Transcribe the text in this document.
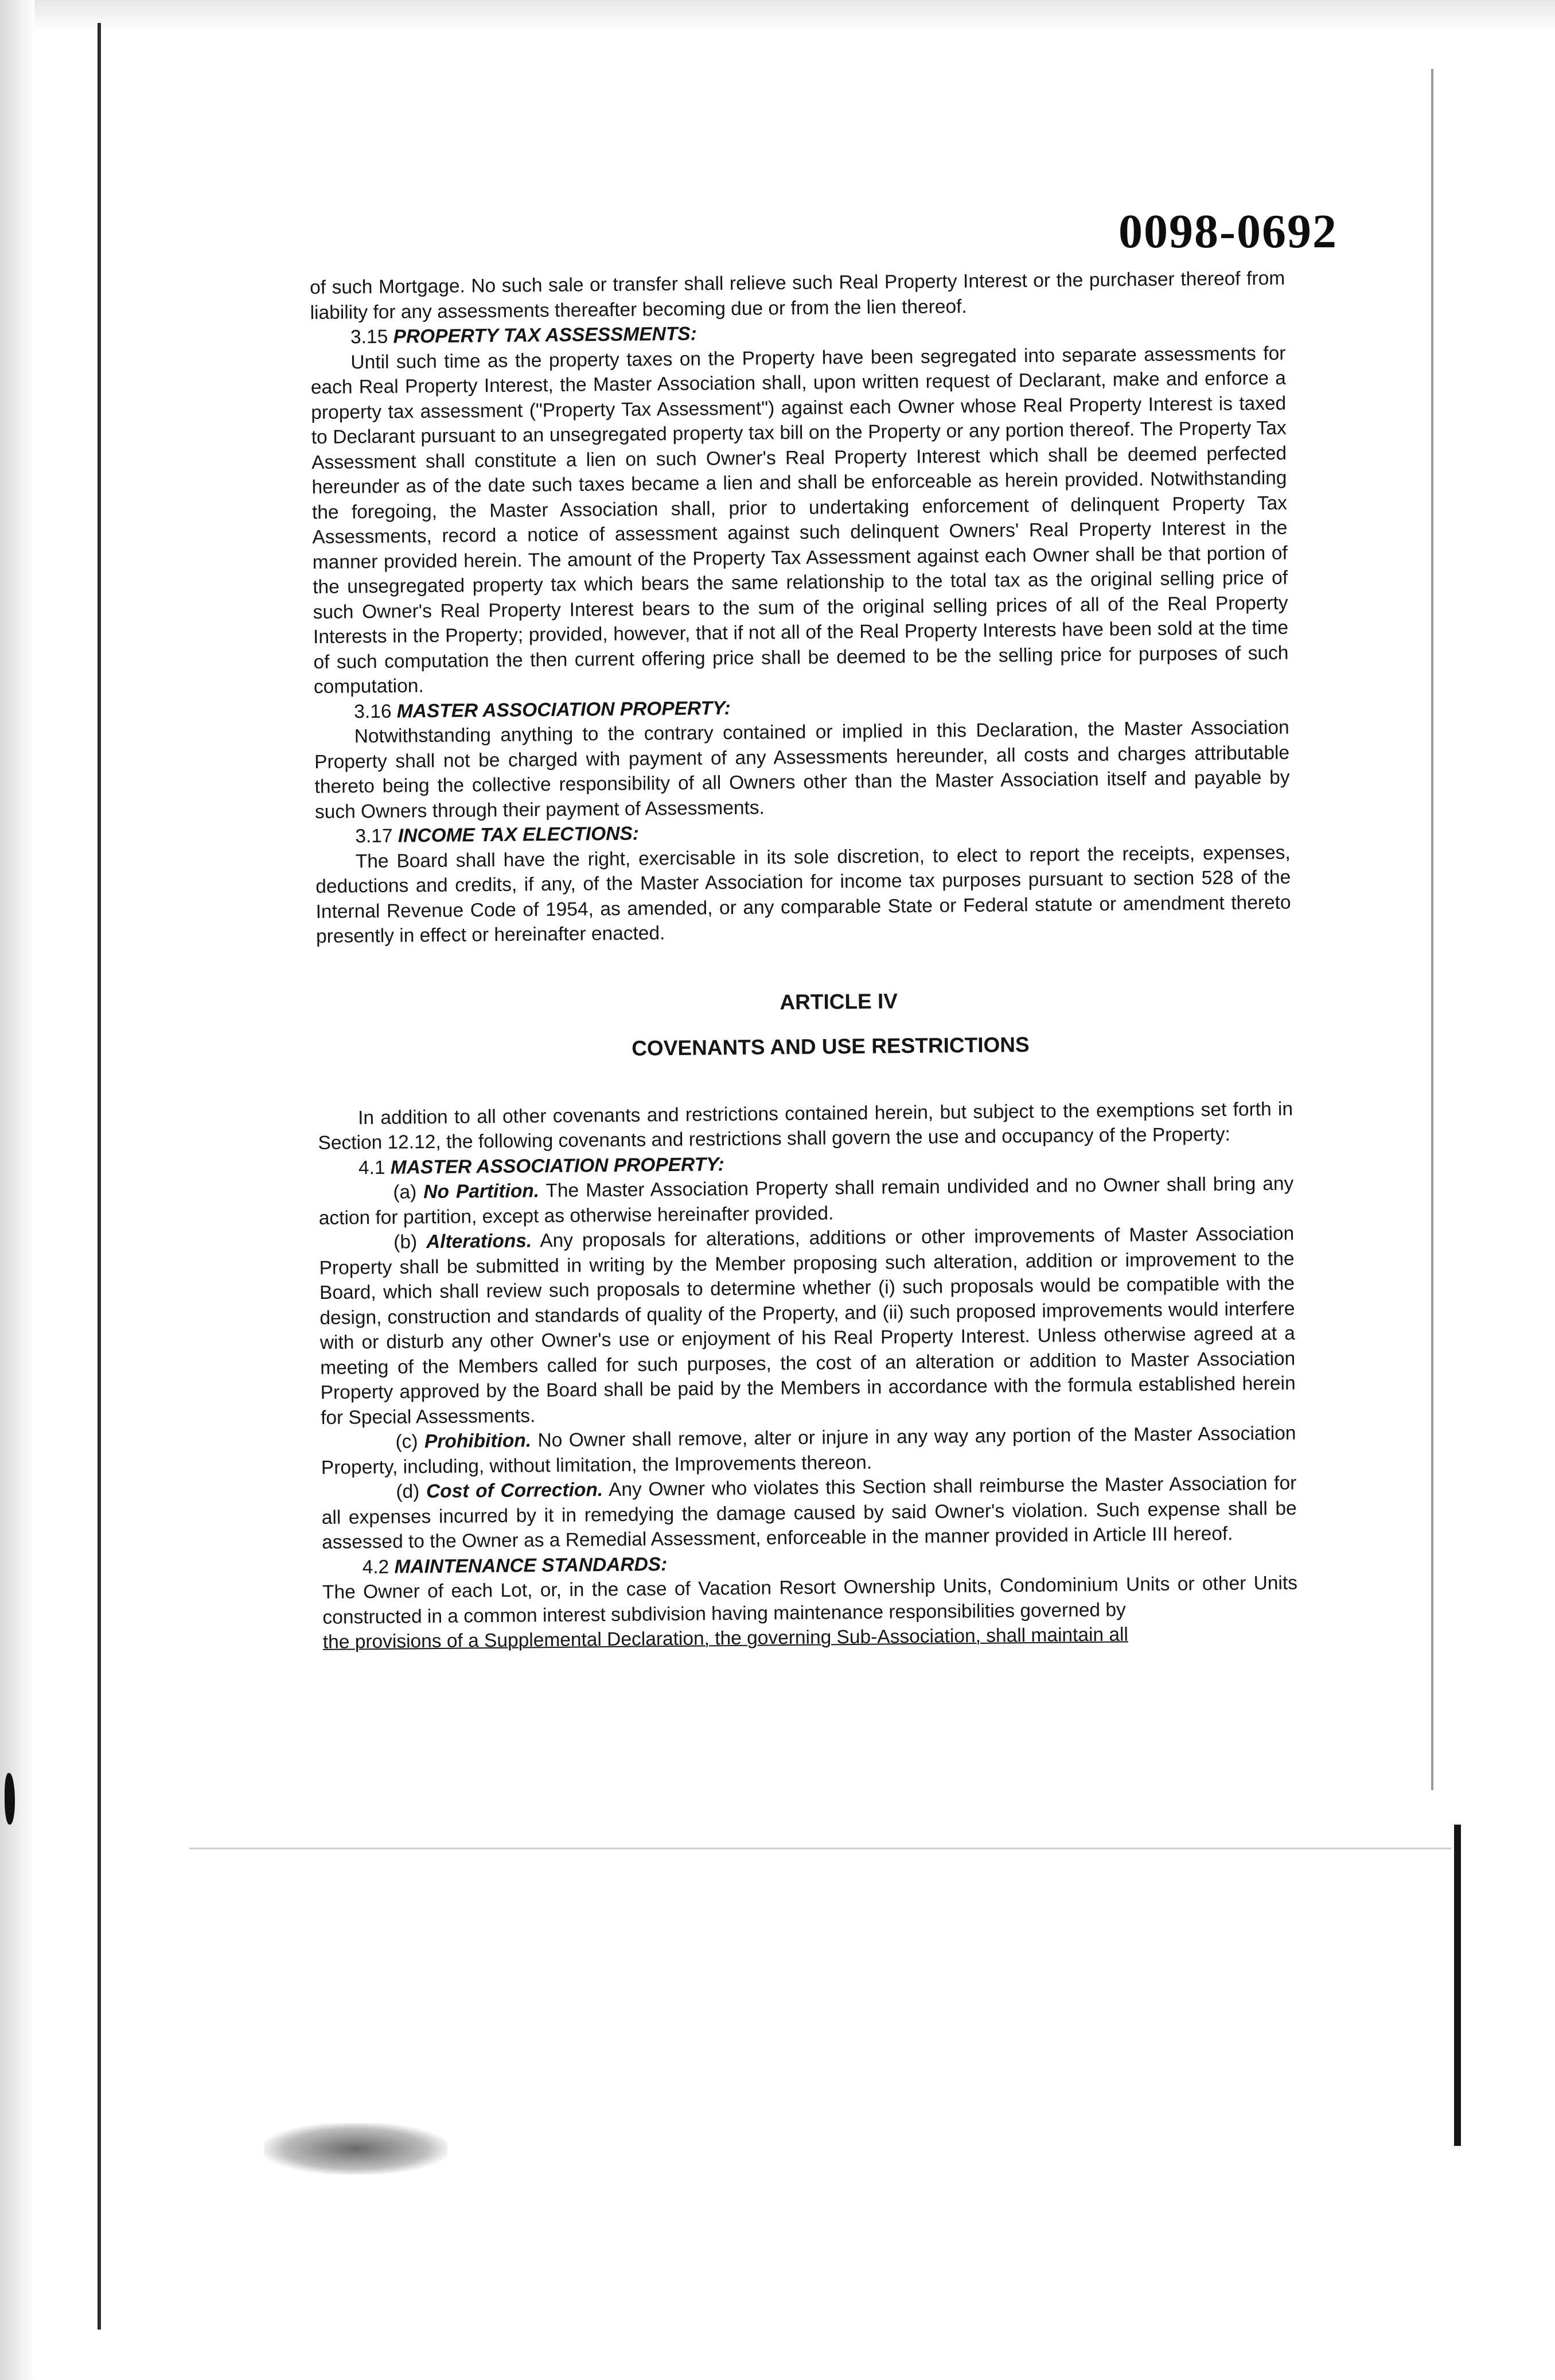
0098-0692

of such Mortgage. No such sale or transfer shall relieve such Real Property Interest or the purchaser thereof from liability for any assessments thereafter becoming due or from the lien thereof.

3.15 PROPERTY TAX ASSESSMENTS:

Until such time as the property taxes on the Property have been segregated into separate assessments for each Real Property Interest, the Master Association shall, upon written request of Declarant, make and enforce a property tax assessment ("Property Tax Assessment") against each Owner whose Real Property Interest is taxed to Declarant pursuant to an unsegregated property tax bill on the Property or any portion thereof. The Property Tax Assessment shall constitute a lien on such Owner's Real Property Interest which shall be deemed perfected hereunder as of the date such taxes became a lien and shall be enforceable as herein provided. Notwithstanding the foregoing, the Master Association shall, prior to undertaking enforcement of delinquent Property Tax Assessments, record a notice of assessment against such delinquent Owners' Real Property Interest in the manner provided herein. The amount of the Property Tax Assessment against each Owner shall be that portion of the unsegregated property tax which bears the same relationship to the total tax as the original selling price of such Owner's Real Property Interest bears to the sum of the original selling prices of all of the Real Property Interests in the Property; provided, however, that if not all of the Real Property Interests have been sold at the time of such computation the then current offering price shall be deemed to be the selling price for purposes of such computation.

3.16 MASTER ASSOCIATION PROPERTY:

Notwithstanding anything to the contrary contained or implied in this Declaration, the Master Association Property shall not be charged with payment of any Assessments hereunder, all costs and charges attributable thereto being the collective responsibility of all Owners other than the Master Association itself and payable by such Owners through their payment of Assessments.

3.17 INCOME TAX ELECTIONS:

The Board shall have the right, exercisable in its sole discretion, to elect to report the receipts, expenses, deductions and credits, if any, of the Master Association for income tax purposes pursuant to section 528 of the Internal Revenue Code of 1954, as amended, or any comparable State or Federal statute or amendment thereto presently in effect or hereinafter enacted.

ARTICLE IV
COVENANTS AND USE RESTRICTIONS

In addition to all other covenants and restrictions contained herein, but subject to the exemptions set forth in Section 12.12, the following covenants and restrictions shall govern the use and occupancy of the Property:

4.1 MASTER ASSOCIATION PROPERTY:

(a) No Partition. The Master Association Property shall remain undivided and no Owner shall bring any action for partition, except as otherwise hereinafter provided.

(b) Alterations. Any proposals for alterations, additions or other improvements of Master Association Property shall be submitted in writing by the Member proposing such alteration, addition or improvement to the Board, which shall review such proposals to determine whether (i) such proposals would be compatible with the design, construction and standards of quality of the Property, and (ii) such proposed improvements would interfere with or disturb any other Owner's use or enjoyment of his Real Property Interest. Unless otherwise agreed at a meeting of the Members called for such purposes, the cost of an alteration or addition to Master Association Property approved by the Board shall be paid by the Members in accordance with the formula established herein for Special Assessments.

(c) Prohibition. No Owner shall remove, alter or injure in any way any portion of the Master Association Property, including, without limitation, the Improvements thereon.

(d) Cost of Correction. Any Owner who violates this Section shall reimburse the Master Association for all expenses incurred by it in remedying the damage caused by said Owner's violation. Such expense shall be assessed to the Owner as a Remedial Assessment, enforceable in the manner provided in Article III hereof.

4.2 MAINTENANCE STANDARDS:

The Owner of each Lot, or, in the case of Vacation Resort Ownership Units, Condominium Units or other Units constructed in a common interest subdivision having maintenance responsibilities governed by

the provisions of a Supplemental Declaration, the governing Sub-Association, shall maintain all
